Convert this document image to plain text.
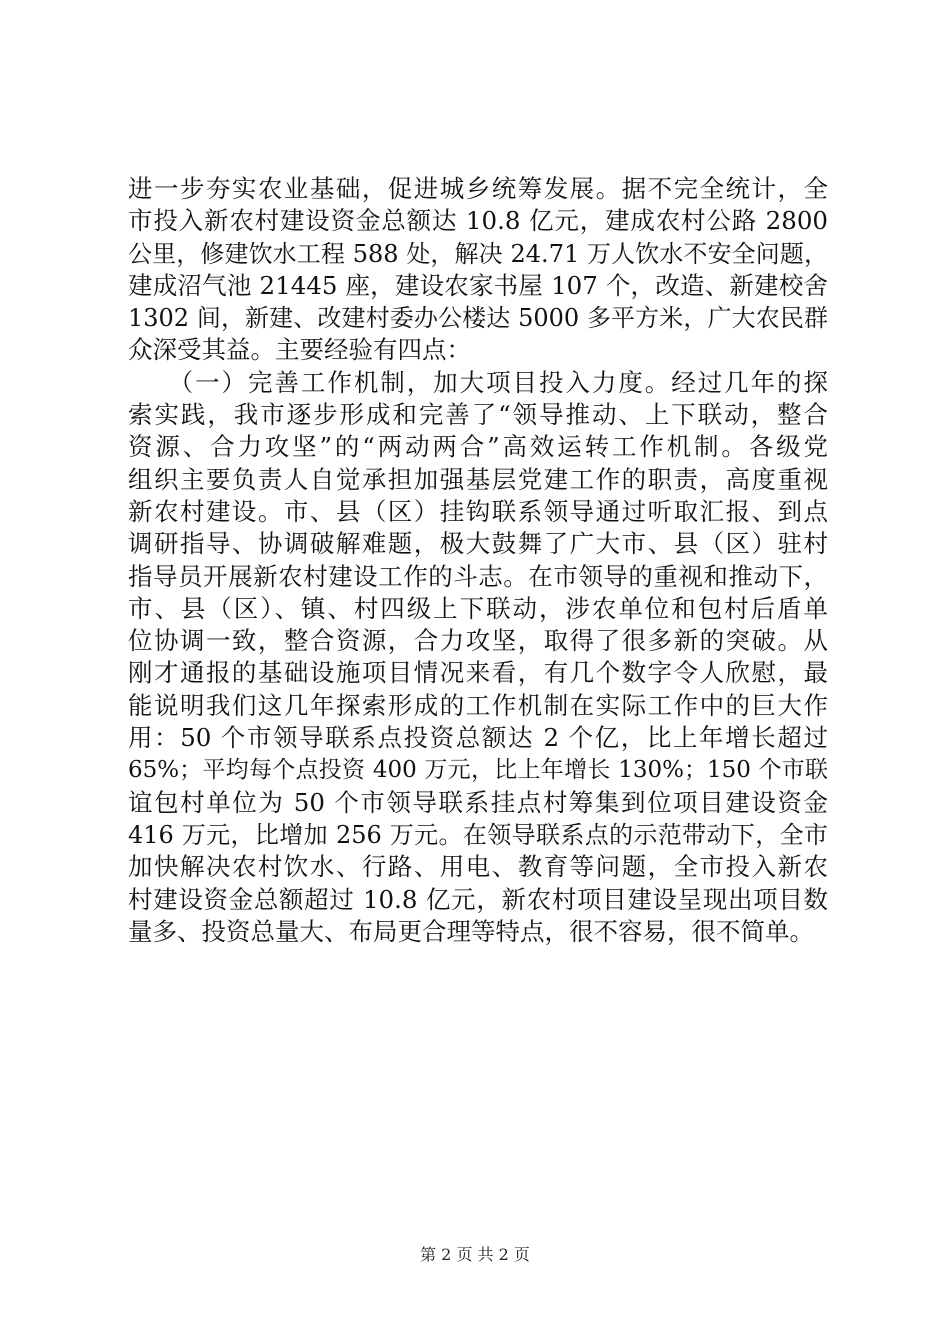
进一步夯实农业基础，促进城乡统筹发展。据不完全统计，全
市投入新农村建设资金总额达 10.8 亿元，建成农村公路 2800
公里，修建饮水工程 588 处，解决 24.71 万人饮水不安全问题，
建成沼气池 21445 座，建设农家书屋 107 个，改造、新建校舍
1302 间，新建、改建村委办公楼达 5000 多平方米，广大农民群
众深受其益。主要经验有四点：
　　（一）完善工作机制，加大项目投入力度。经过几年的探
索实践，我市逐步形成和完善了“领导推动、上下联动，整合
资源、合力攻坚”的“两动两合”高效运转工作机制。各级党
组织主要负责人自觉承担加强基层党建工作的职责，高度重视
新农村建设。市、县（区）挂钩联系领导通过听取汇报、到点
调研指导、协调破解难题，极大鼓舞了广大市、县（区）驻村
指导员开展新农村建设工作的斗志。在市领导的重视和推动下，
市、县（区）、镇、村四级上下联动，涉农单位和包村后盾单
位协调一致，整合资源，合力攻坚，取得了很多新的突破。从
刚才通报的基础设施项目情况来看，有几个数字令人欣慰，最
能说明我们这几年探索形成的工作机制在实际工作中的巨大作
用：50 个市领导联系点投资总额达 2 个亿，比上年增长超过
65%；平均每个点投资 400 万元，比上年增长 130%；150 个市联
谊包村单位为 50 个市领导联系挂点村筹集到位项目建设资金
416 万元，比增加 256 万元。在领导联系点的示范带动下，全市
加快解决农村饮水、行路、用电、教育等问题，全市投入新农
村建设资金总额超过 10.8 亿元，新农村项目建设呈现出项目数
量多、投资总量大、布局更合理等特点，很不容易，很不简单。
第 2 页 共 2 页
